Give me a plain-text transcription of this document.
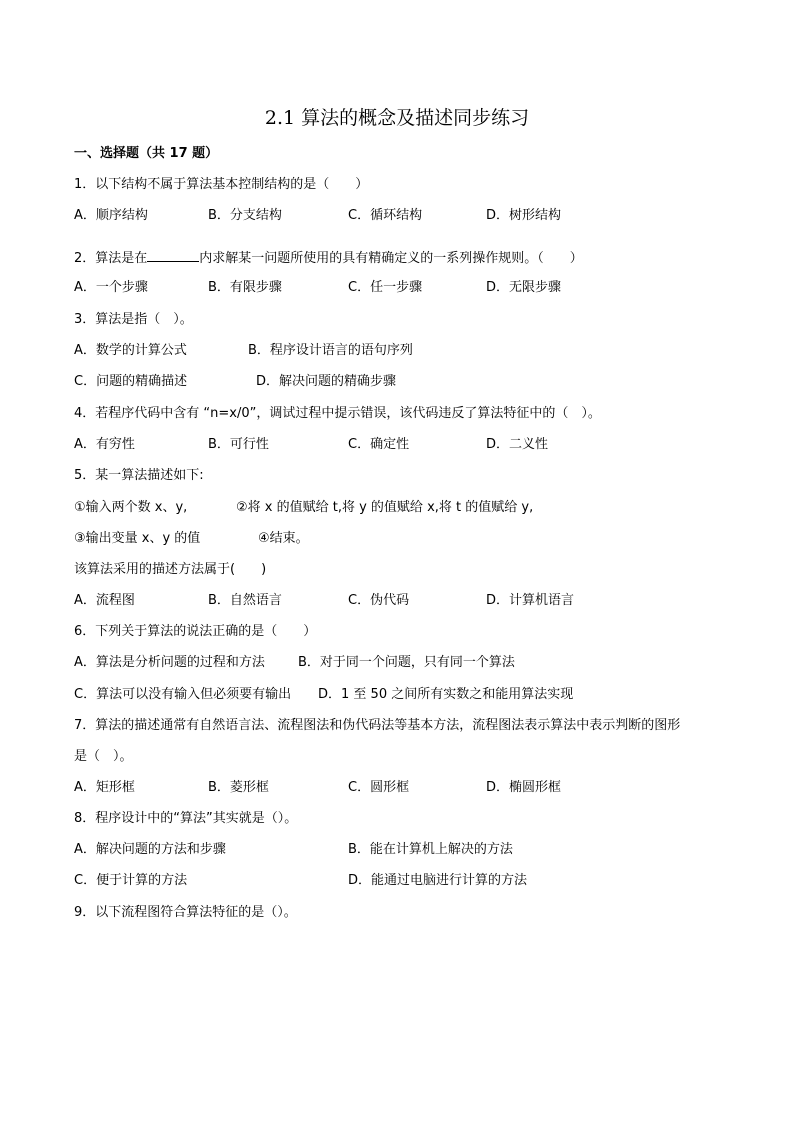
2.1 算法的概念及描述同步练习
一、选择题（共 17 题）
1．以下结构不属于算法基本控制结构的是（　　）
A．顺序结构	B．分支结构	C．循环结构	D．树形结构
2．算法是在	内求解某一问题所使用的具有精确定义的一系列操作规则。（　　）
A．一个步骤	B．有限步骤	C．任一步骤	D．无限步骤
3．算法是指（　）。
A．数学的计算公式	B．程序设计语言的语句序列
C．问题的精确描述	D．解决问题的精确步骤
4．若程序代码中含有 “n=x/0”，调试过程中提示错误，该代码违反了算法特征中的（　）。
A．有穷性	B．可行性	C．确定性	D．二义性
5．某一算法描述如下:
①输入两个数 x、y,	②将 x 的值赋给 t,将 y 的值赋给 x,将 t 的值赋给 y,
③输出变量 x、y 的值	④结束。
该算法采用的描述方法属于(　　)
A．流程图	B．自然语言	C．伪代码	D．计算机语言
6．下列关于算法的说法正确的是（　　）
A．算法是分析问题的过程和方法	B．对于同一个问题，只有同一个算法
C．算法可以没有输入但必须要有输出 D．1 至 50 之间所有实数之和能用算法实现
7．算法的描述通常有自然语言法、流程图法和伪代码法等基本方法，流程图法表示算法中表示判断的图形
是（　）。
A．矩形框	B．菱形框	C．圆形框	D．椭圆形框
8．程序设计中的“算法”其实就是（）。
A．解决问题的方法和步骤	B．能在计算机上解决的方法
C．便于计算的方法	D．能通过电脑进行计算的方法
9．以下流程图符合算法特征的是（）。
